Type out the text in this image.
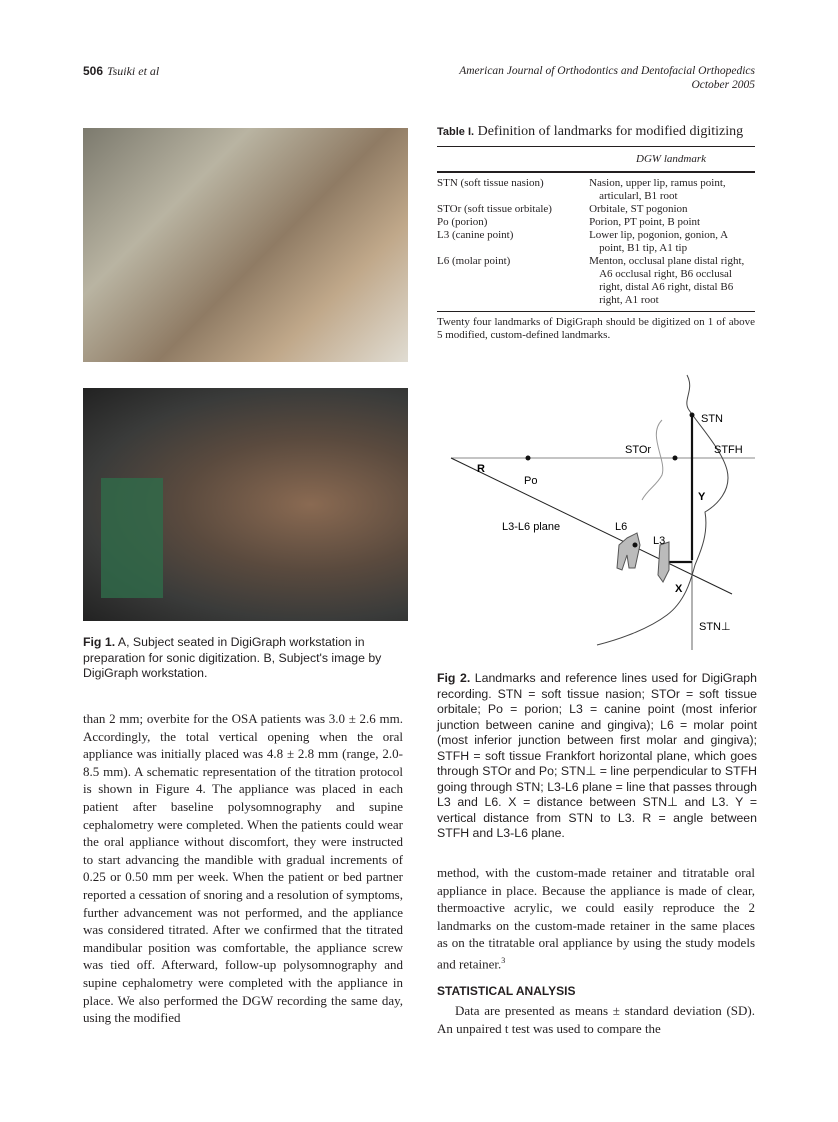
506 Tsuiki et al	American Journal of Orthodontics and Dentofacial Orthopedics
October 2005
Fig 1. A, Subject seated in DigiGraph workstation in preparation for sonic digitization. B, Subject's image by DigiGraph workstation.
Table I. Definition of landmarks for modified digitizing
DGW landmark
STN (soft tissue nasion)	Nasion, upper lip, ramus point, articularl, B1 root
STOr (soft tissue orbitale)	Orbitale, ST pogonion
Po (porion)	Porion, PT point, B point
L3 (canine point)	Lower lip, pogonion, gonion, A point, B1 tip, A1 tip
L6 (molar point)	Menton, occlusal plane distal right, A6 occlusal right, B6 occlusal right, distal A6 right, distal B6 right, A1 root
Twenty four landmarks of DigiGraph should be digitized on 1 of above 5 modified, custom-defined landmarks.
STN
STOr	STFH
R
Po
Y
L3-L6 plane	L6
L3
X
STN⊥
Fig 2. Landmarks and reference lines used for DigiGraph recording. STN = soft tissue nasion; STOr = soft tissue orbitale; Po = porion; L3 = canine point (most inferior junction between canine and gingiva); L6 = molar point (most inferior junction between first molar and gingiva); STFH = soft tissue Frankfort horizontal plane, which goes through STOr and Po; STN⊥ = line perpendicular to STFH going through STN; L3-L6 plane = line that passes through L3 and L6. X = distance between STN⊥ and L3. Y = vertical distance from STN to L3. R = angle between STFH and L3-L6 plane.
than 2 mm; overbite for the OSA patients was 3.0 ± 2.6 mm. Accordingly, the total vertical opening when the oral appliance was initially placed was 4.8 ± 2.8 mm (range, 2.0-8.5 mm). A schematic representation of the titration protocol is shown in Figure 4. The appliance was placed in each patient after baseline polysomnography and supine cephalometry were completed. When the patients could wear the oral appliance without discomfort, they were instructed to start advancing the mandible with gradual increments of 0.25 or 0.50 mm per week. When the patient or bed partner reported a cessation of snoring and a resolution of symptoms, further advancement was not performed, and the appliance was considered titrated. After we confirmed that the titrated mandibular position was comfortable, the appliance screw was tied off. Afterward, follow-up polysomnography and supine cephalometry were completed with the appliance in place. We also performed the DGW recording the same day, using the modified
method, with the custom-made retainer and titratable oral appliance in place. Because the appliance is made of clear, thermoactive acrylic, we could easily reproduce the 2 landmarks on the custom-made retainer in the same places as on the titratable oral appliance by using the study models and retainer.$^3$
STATISTICAL ANALYSIS
Data are presented as means ± standard deviation (SD). An unpaired t test was used to compare the
